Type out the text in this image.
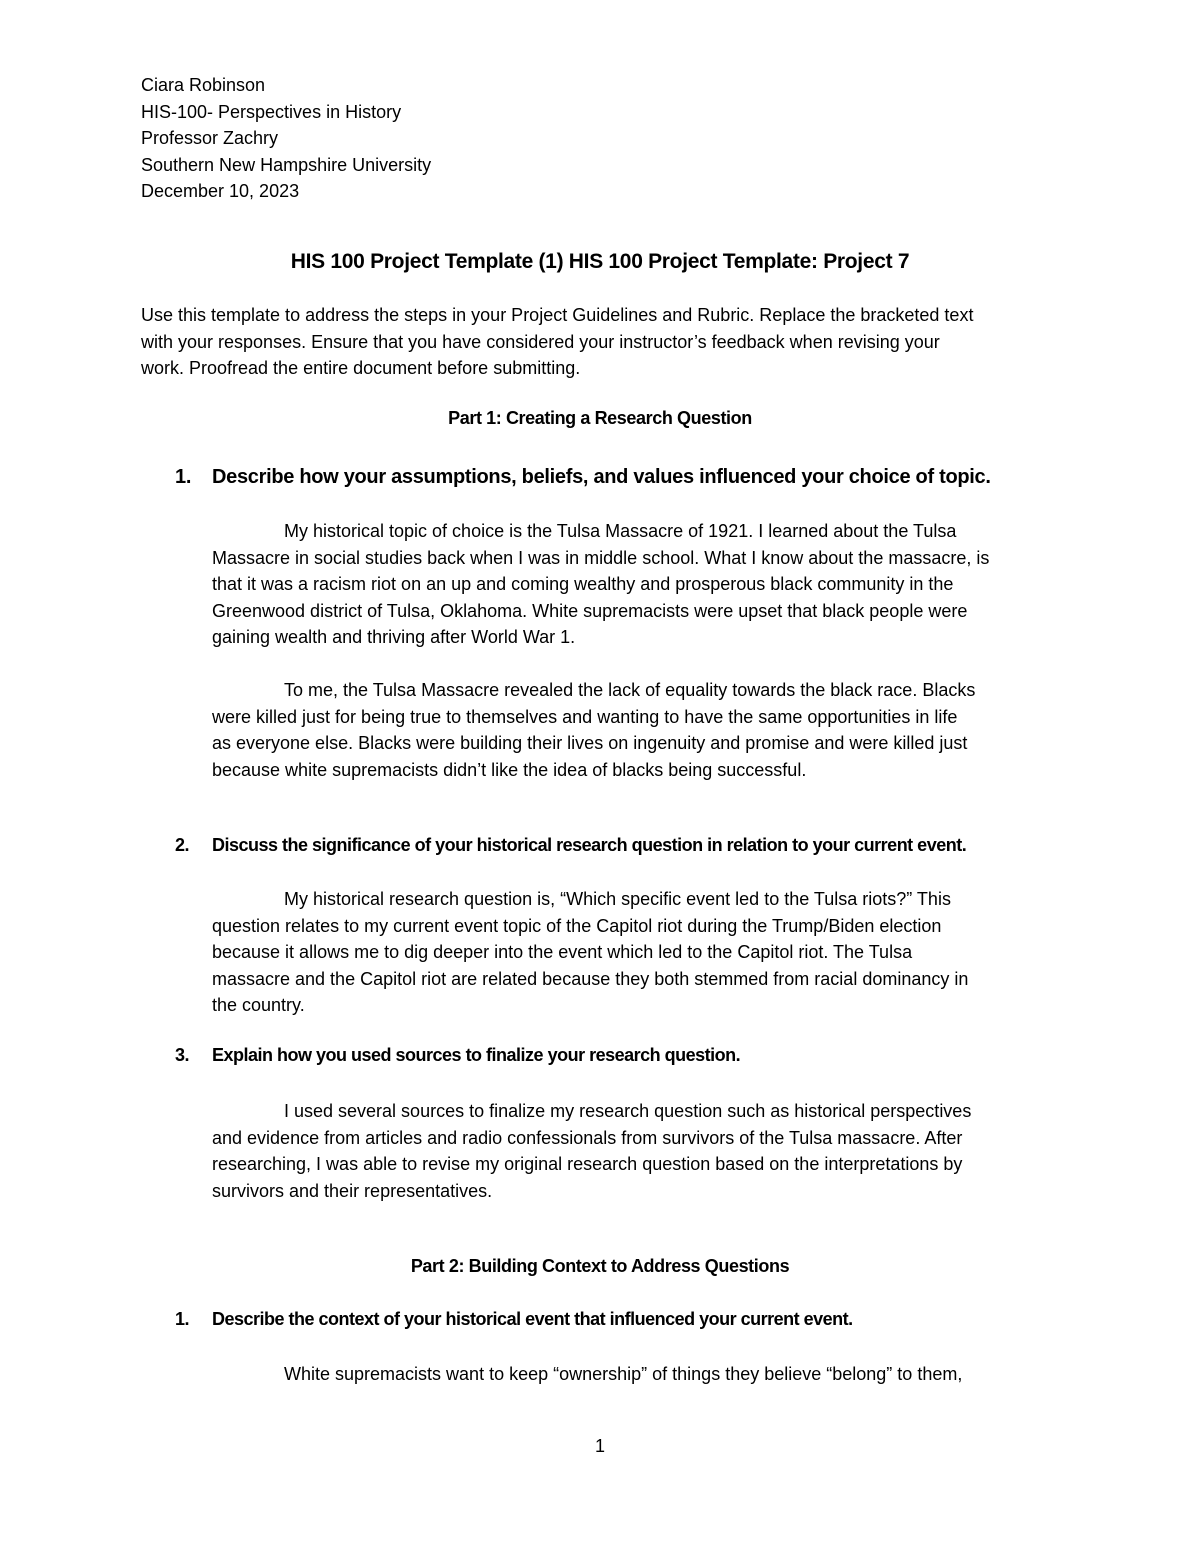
Ciara Robinson
HIS-100- Perspectives in History
Professor Zachry
Southern New Hampshire University
December 10, 2023
HIS 100 Project Template (1) HIS 100 Project Template: Project 7
Use this template to address the steps in your Project Guidelines and Rubric. Replace the bracketed text
with your responses. Ensure that you have considered your instructor’s feedback when revising your
work. Proofread the entire document before submitting.
Part 1: Creating a Research Question
1. Describe how your assumptions, beliefs, and values influenced your choice of topic.
My historical topic of choice is the Tulsa Massacre of 1921. I learned about the Tulsa
Massacre in social studies back when I was in middle school. What I know about the massacre, is
that it was a racism riot on an up and coming wealthy and prosperous black community in the
Greenwood district of Tulsa, Oklahoma. White supremacists were upset that black people were
gaining wealth and thriving after World War 1.
To me, the Tulsa Massacre revealed the lack of equality towards the black race. Blacks
were killed just for being true to themselves and wanting to have the same opportunities in life
as everyone else. Blacks were building their lives on ingenuity and promise and were killed just
because white supremacists didn’t like the idea of blacks being successful.
2. Discuss the significance of your historical research question in relation to your current event.
My historical research question is, “Which specific event led to the Tulsa riots?” This
question relates to my current event topic of the Capitol riot during the Trump/Biden election
because it allows me to dig deeper into the event which led to the Capitol riot. The Tulsa
massacre and the Capitol riot are related because they both stemmed from racial dominancy in
the country.
3. Explain how you used sources to finalize your research question.
I used several sources to finalize my research question such as historical perspectives
and evidence from articles and radio confessionals from survivors of the Tulsa massacre. After
researching, I was able to revise my original research question based on the interpretations by
survivors and their representatives.
Part 2: Building Context to Address Questions
1. Describe the context of your historical event that influenced your current event.
White supremacists want to keep “ownership” of things they believe “belong” to them,
1
